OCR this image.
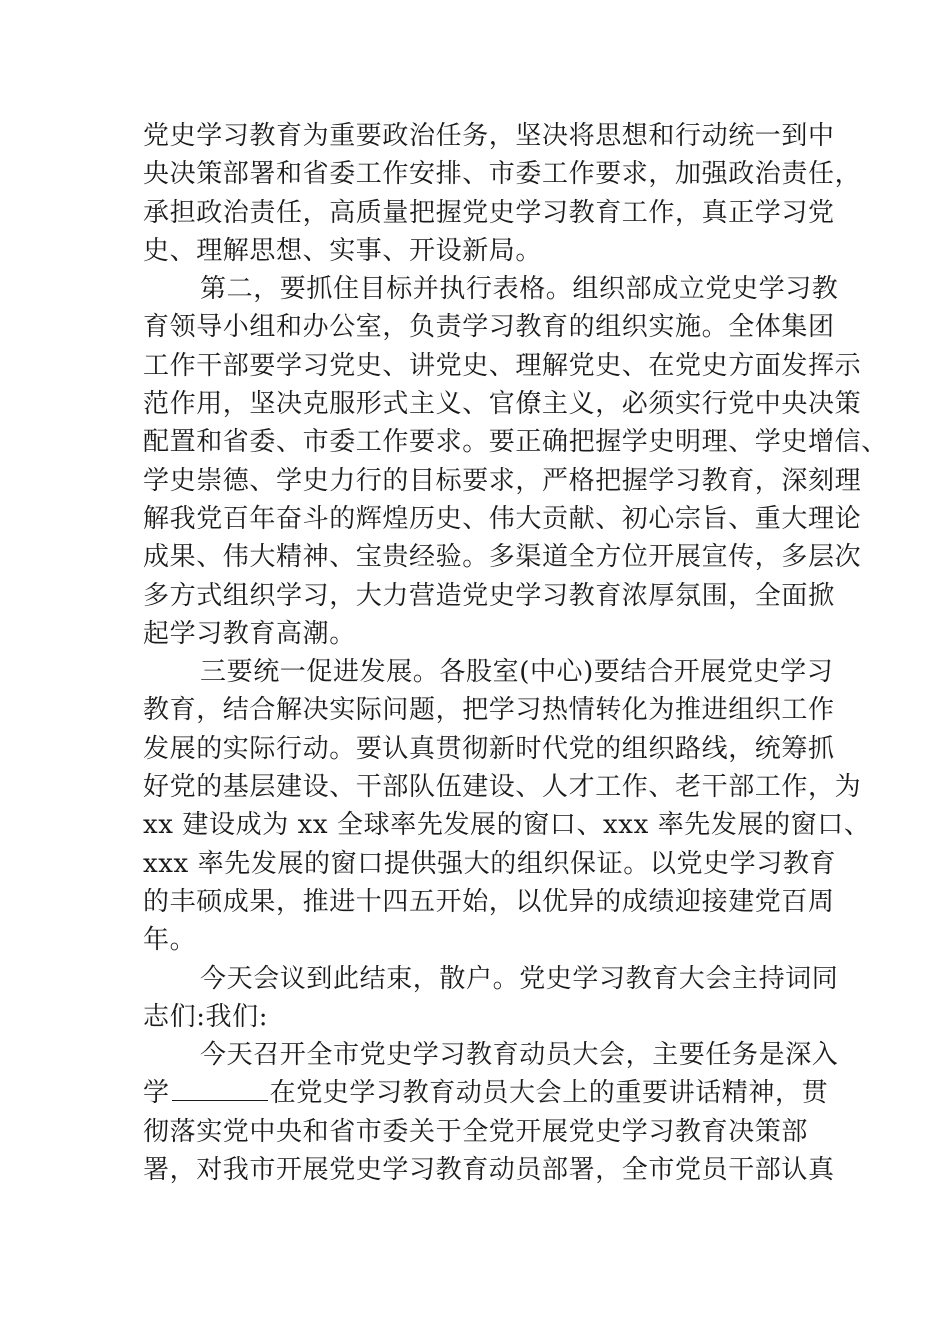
党史学习教育为重要政治任务，坚决将思想和行动统一到中
央决策部署和省委工作安排、市委工作要求，加强政治责任，
承担政治责任，高质量把握党史学习教育工作，真正学习党
史、理解思想、实事、开设新局。
第二，要抓住目标并执行表格。组织部成立党史学习教
育领导小组和办公室，负责学习教育的组织实施。全体集团
工作干部要学习党史、讲党史、理解党史、在党史方面发挥示
范作用，坚决克服形式主义、官僚主义，必须实行党中央决策
配置和省委、市委工作要求。要正确把握学史明理、学史增信、
学史崇德、学史力行的目标要求，严格把握学习教育，深刻理
解我党百年奋斗的辉煌历史、伟大贡献、初心宗旨、重大理论
成果、伟大精神、宝贵经验。多渠道全方位开展宣传，多层次
多方式组织学习，大力营造党史学习教育浓厚氛围，全面掀
起学习教育高潮。
三要统一促进发展。各股室(中心)要结合开展党史学习
教育，结合解决实际问题，把学习热情转化为推进组织工作
发展的实际行动。要认真贯彻新时代党的组织路线，统筹抓
好党的基层建设、干部队伍建设、人才工作、老干部工作，为
xx 建设成为 xx 全球率先发展的窗口、xxx 率先发展的窗口、
xxx 率先发展的窗口提供强大的组织保证。以党史学习教育
的丰硕成果，推进十四五开始，以优异的成绩迎接建党百周
年。
今天会议到此结束，散户。党史学习教育大会主持词同
志们:我们:
今天召开全市党史学习教育动员大会，主要任务是深入
学	在党史学习教育动员大会上的重要讲话精神，贯
彻落实党中央和省市委关于全党开展党史学习教育决策部
署，对我市开展党史学习教育动员部署，全市党员干部认真
